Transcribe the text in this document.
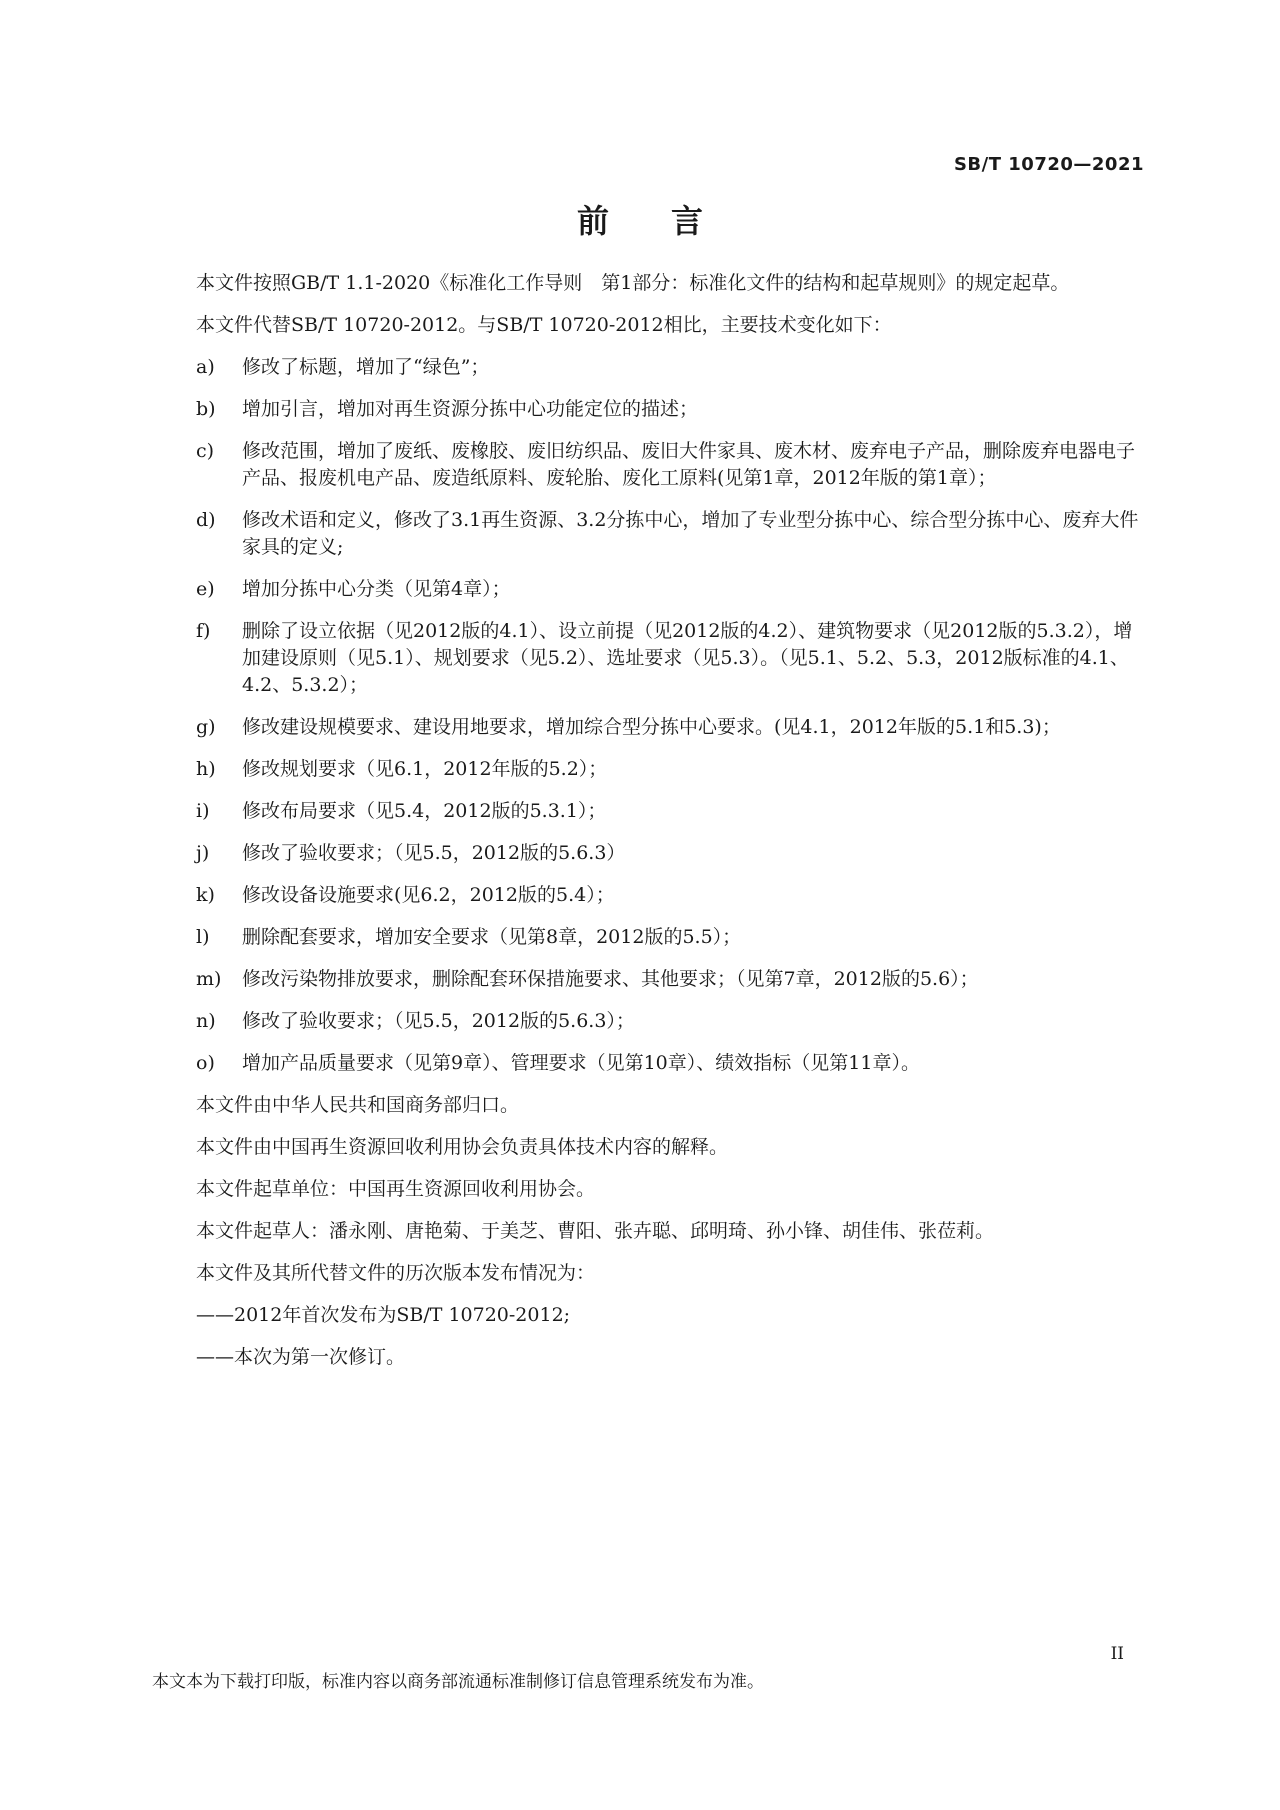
SB/T 10720—2021
前言

本文件按照GB/T 1.1-2020《标准化工作导则　第1部分：标准化文件的结构和起草规则》的规定起草。

本文件代替SB/T 10720-2012。与SB/T 10720-2012相比，主要技术变化如下：

a) 修改了标题，增加了“绿色”；
b) 增加引言，增加对再生资源分拣中心功能定位的描述；
c) 修改范围，增加了废纸、废橡胶、废旧纺织品、废旧大件家具、废木材、废弃电子产品，删除废弃电器电子产品、报废机电产品、废造纸原料、废轮胎、废化工原料(见第1章，2012年版的第1章）；
d) 修改术语和定义，修改了3.1再生资源、3.2分拣中心，增加了专业型分拣中心、综合型分拣中心、废弃大件家具的定义;
e) 增加分拣中心分类（见第4章）；
f) 删除了设立依据（见2012版的4.1）、设立前提（见2012版的4.2）、建筑物要求（见2012版的5.3.2），增加建设原则（见5.1）、规划要求（见5.2）、选址要求（见5.3）。（见5.1、5.2、5.3，2012版标准的4.1、4.2、5.3.2）；
g) 修改建设规模要求、建设用地要求，增加综合型分拣中心要求。(见4.1，2012年版的5.1和5.3)；
h) 修改规划要求（见6.1，2012年版的5.2）；
i) 修改布局要求（见5.4，2012版的5.3.1）；
j) 修改了验收要求；（见5.5，2012版的5.6.3）
k) 修改设备设施要求(见6.2，2012版的5.4）；
l) 删除配套要求，增加安全要求（见第8章，2012版的5.5）；
m) 修改污染物排放要求，删除配套环保措施要求、其他要求；（见第7章，2012版的5.6）；
n) 修改了验收要求；（见5.5，2012版的5.6.3）；
o) 增加产品质量要求（见第9章）、管理要求（见第10章）、绩效指标（见第11章）。

本文件由中华人民共和国商务部归口。

本文件由中国再生资源回收利用协会负责具体技术内容的解释。

本文件起草单位：中国再生资源回收利用协会。

本文件起草人：潘永刚、唐艳菊、于美芝、曹阳、张卉聪、邱明琦、孙小锋、胡佳伟、张莅莉。

本文件及其所代替文件的历次版本发布情况为：

——2012年首次发布为SB/T 10720-2012;

——本次为第一次修订。

II
本文本为下载打印版，标准内容以商务部流通标准制修订信息管理系统发布为准。
